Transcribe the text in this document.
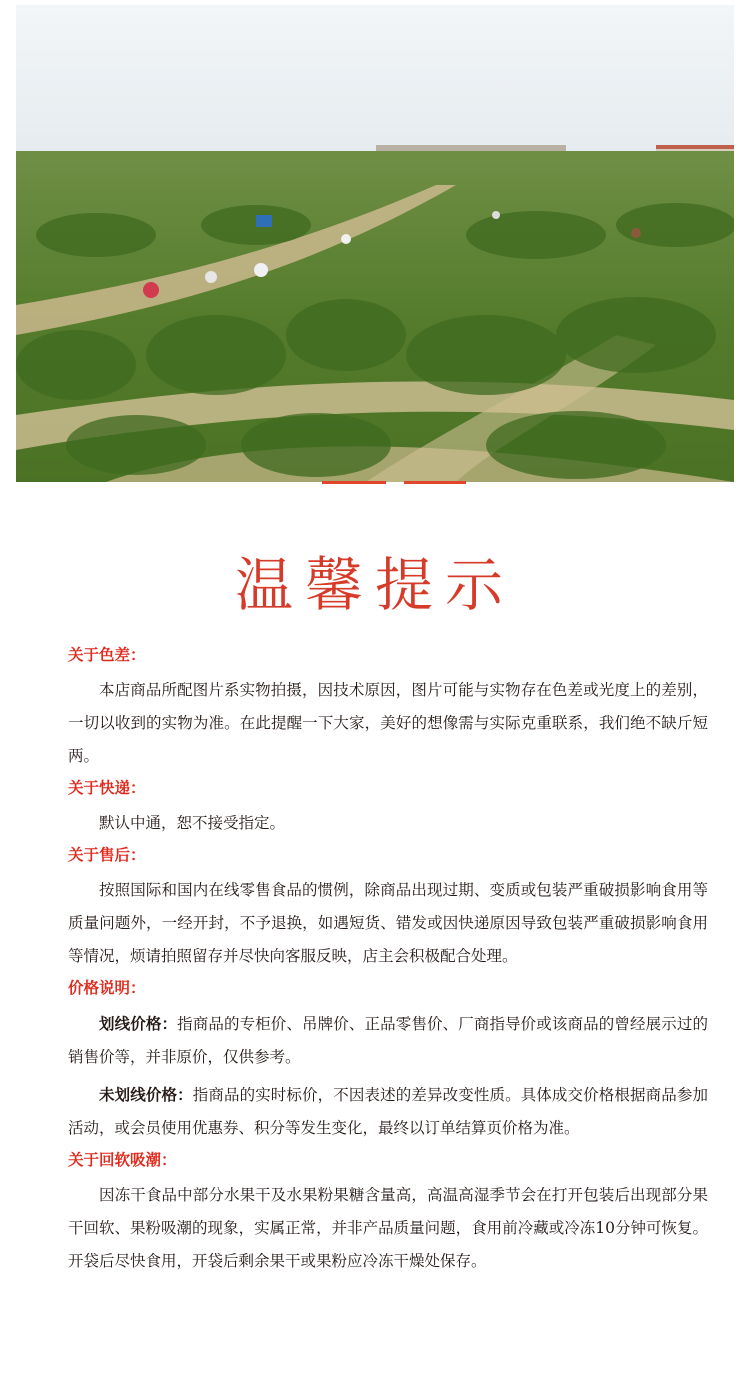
温馨提示

关于色差：

本店商品所配图片系实物拍摄，因技术原因，图片可能与实物存在色差或光度上的差别，一切以收到的实物为准。在此提醒一下大家，美好的想像需与实际克重联系，我们绝不缺斤短两。

关于快递：

默认中通，恕不接受指定。

关于售后：

按照国际和国内在线零售食品的惯例，除商品出现过期、变质或包装严重破损影响食用等质量问题外，一经开封，不予退换，如遇短货、错发或因快递原因导致包装严重破损影响食用等情况，烦请拍照留存并尽快向客服反映，店主会积极配合处理。

价格说明：

划线价格：指商品的专柜价、吊牌价、正品零售价、厂商指导价或该商品的曾经展示过的销售价等，并非原价，仅供参考。

未划线价格：指商品的实时标价，不因表述的差异改变性质。具体成交价格根据商品参加活动，或会员使用优惠券、积分等发生变化，最终以订单结算页价格为准。

关于回软吸潮：

因冻干食品中部分水果干及水果粉果糖含量高，高温高湿季节会在打开包装后出现部分果干回软、果粉吸潮的现象，实属正常，并非产品质量问题，食用前冷藏或冷冻10分钟可恢复。开袋后尽快食用，开袋后剩余果干或果粉应冷冻干燥处保存。
